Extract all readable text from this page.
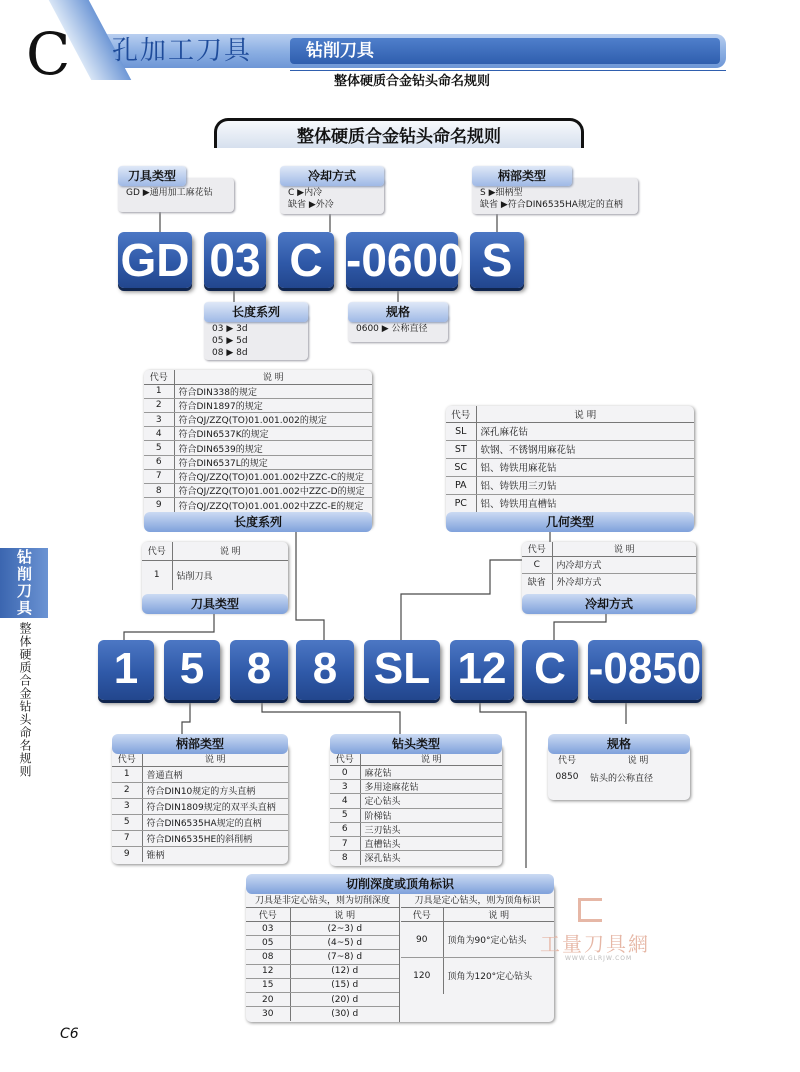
C 孔加工刀具	钻削刀具
整体硬质合金钻头命名规则
整体硬质合金钻头命名规则
钻削刀具
整体硬质合金钻头命名规则
GD ▶通用加工麻花钻
刀具类型
C ▶内冷
缺省 ▶外冷
冷却方式
S ▶细柄型
缺省 ▶符合DIN6535HA规定的直柄
柄部类型
03 ▶ 3d
05 ▶ 5d
08 ▶ 8d
长度系列
0600 ▶ 公称直径
规格
GD 03 C -0600 S
代号	说 明
1	符合DIN338的规定
2	符合DIN1897的规定
3	符合QJ/ZZQ(TO)01.001.002的规定
4	符合DIN6537K的规定
5	符合DIN6539的规定
6	符合DIN6537L的规定
7	符合QJ/ZZQ(TO)01.001.002中ZZC-C的规定
8	符合QJ/ZZQ(TO)01.001.002中ZZC-D的规定
9	符合QJ/ZZQ(TO)01.001.002中ZZC-E的规定
长度系列
代号	说 明
SL	深孔麻花钻
ST	软钢、不锈钢用麻花钻
SC	铝、铸铁用麻花钻
PA	铝、铸铁用三刃钻
PC	铝、铸铁用直槽钻
几何类型
代号	说 明
1	钻削刀具
刀具类型
代号	说 明
C	内冷却方式
缺省	外冷却方式
冷却方式
1 5 8 8 SL 12 C -0850
代号	说 明
1	普通直柄
2	符合DIN10规定的方头直柄
3	符合DIN1809规定的双平头直柄
5	符合DIN6535HA规定的直柄
7	符合DIN6535HE的斜削柄
9	锥柄
柄部类型
代号	说 明
0	麻花钻
3	多用途麻花钻
4	定心钻头
5	阶梯钻
6	三刃钻头
7	直槽钻头
8	深孔钻头
钻头类型
代号	说 明
0850	钻头的公称直径
规格
刀具是非定心钻头，则为切削深度
代号	说 明
03	(2~3) d
05	(4~5) d
08	(7~8) d
12	(12) d
15	(15) d
20	(20) d
30	(30) d
刀具是定心钻头，则为顶角标识
代号	说 明
90	顶角为90°定心钻头
120	顶角为120°定心钻头
切削深度或顶角标识
工量刀具網
WWW.GLRJW.COM
C6
